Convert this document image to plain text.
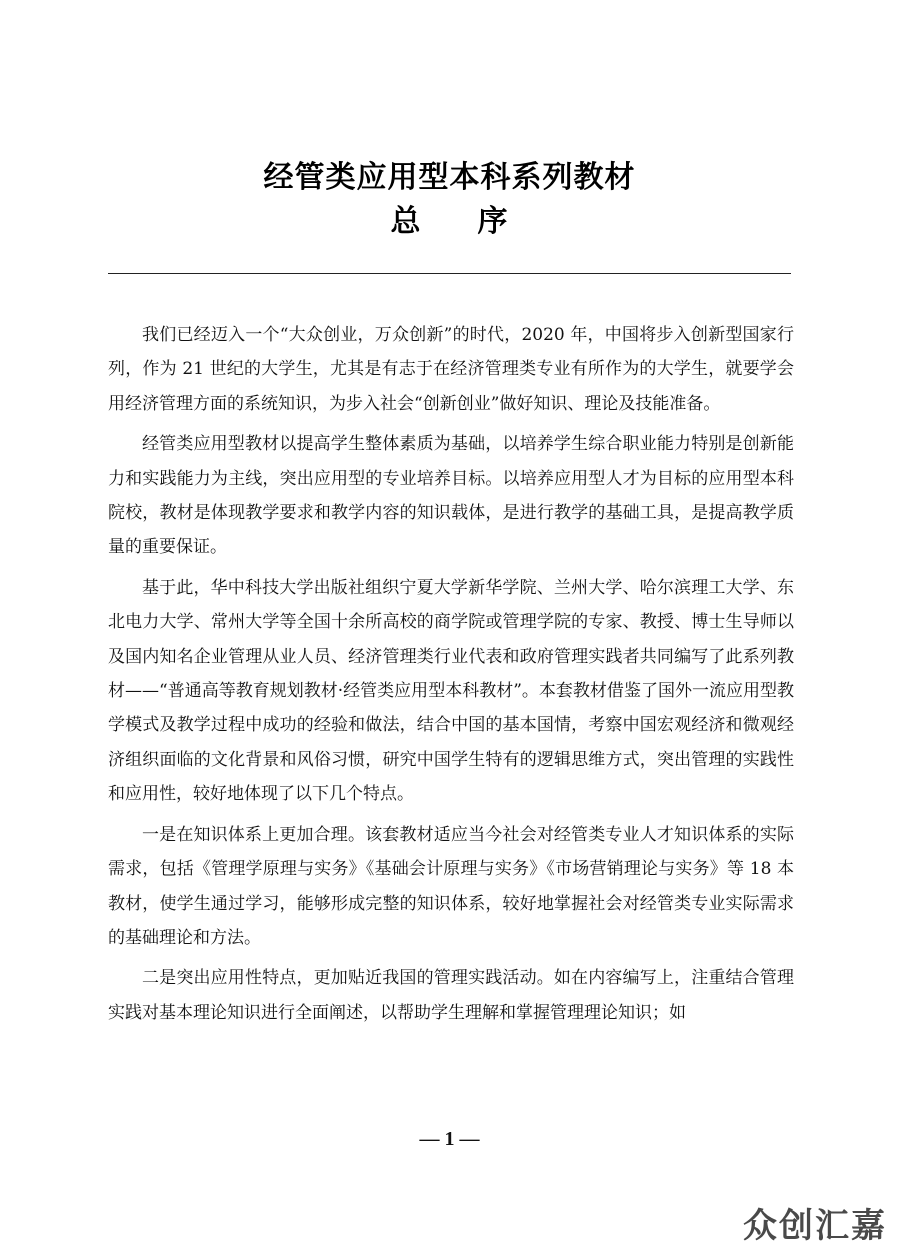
经管类应用型本科系列教材
总 序

我们已经迈入一个“大众创业，万众创新”的时代，2020 年，中国将步入创新型国家行列，作为 21 世纪的大学生，尤其是有志于在经济管理类专业有所作为的大学生，就要学会用经济管理方面的系统知识，为步入社会“创新创业”做好知识、理论及技能准备。

经管类应用型教材以提高学生整体素质为基础，以培养学生综合职业能力特别是创新能力和实践能力为主线，突出应用型的专业培养目标。以培养应用型人才为目标的应用型本科院校，教材是体现教学要求和教学内容的知识载体，是进行教学的基础工具，是提高教学质量的重要保证。

基于此，华中科技大学出版社组织宁夏大学新华学院、兰州大学、哈尔滨理工大学、东北电力大学、常州大学等全国十余所高校的商学院或管理学院的专家、教授、博士生导师以及国内知名企业管理从业人员、经济管理类行业代表和政府管理实践者共同编写了此系列教材——“普通高等教育规划教材·经管类应用型本科教材”。本套教材借鉴了国外一流应用型教学模式及教学过程中成功的经验和做法，结合中国的基本国情，考察中国宏观经济和微观经济组织面临的文化背景和风俗习惯，研究中国学生特有的逻辑思维方式，突出管理的实践性和应用性，较好地体现了以下几个特点。

一是在知识体系上更加合理。该套教材适应当今社会对经管类专业人才知识体系的实际需求，包括《管理学原理与实务》《基础会计原理与实务》《市场营销理论与实务》等 18 本教材，使学生通过学习，能够形成完整的知识体系，较好地掌握社会对经管类专业实际需求的基础理论和方法。

二是突出应用性特点，更加贴近我国的管理实践活动。如在内容编写上，注重结合管理实践对基本理论知识进行全面阐述，以帮助学生理解和掌握管理理论知识；如

— 1 —
众创汇嘉
